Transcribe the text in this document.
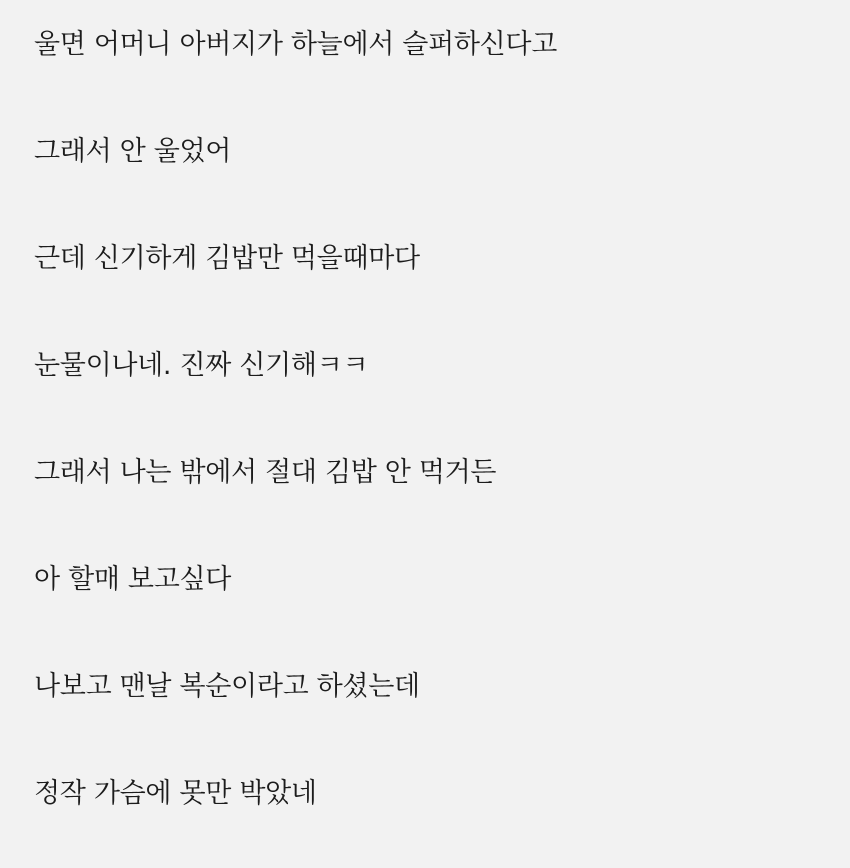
울면 어머니 아버지가 하늘에서 슬퍼하신다고

그래서 안 울었어

근데 신기하게 김밥만 먹을때마다

눈물이나네. 진짜 신기해ㅋㅋ

그래서 나는 밖에서 절대 김밥 안 먹거든

아 할매 보고싶다

나보고 맨날 복순이라고 하셨는데

정작 가슴에 못만 박았네
